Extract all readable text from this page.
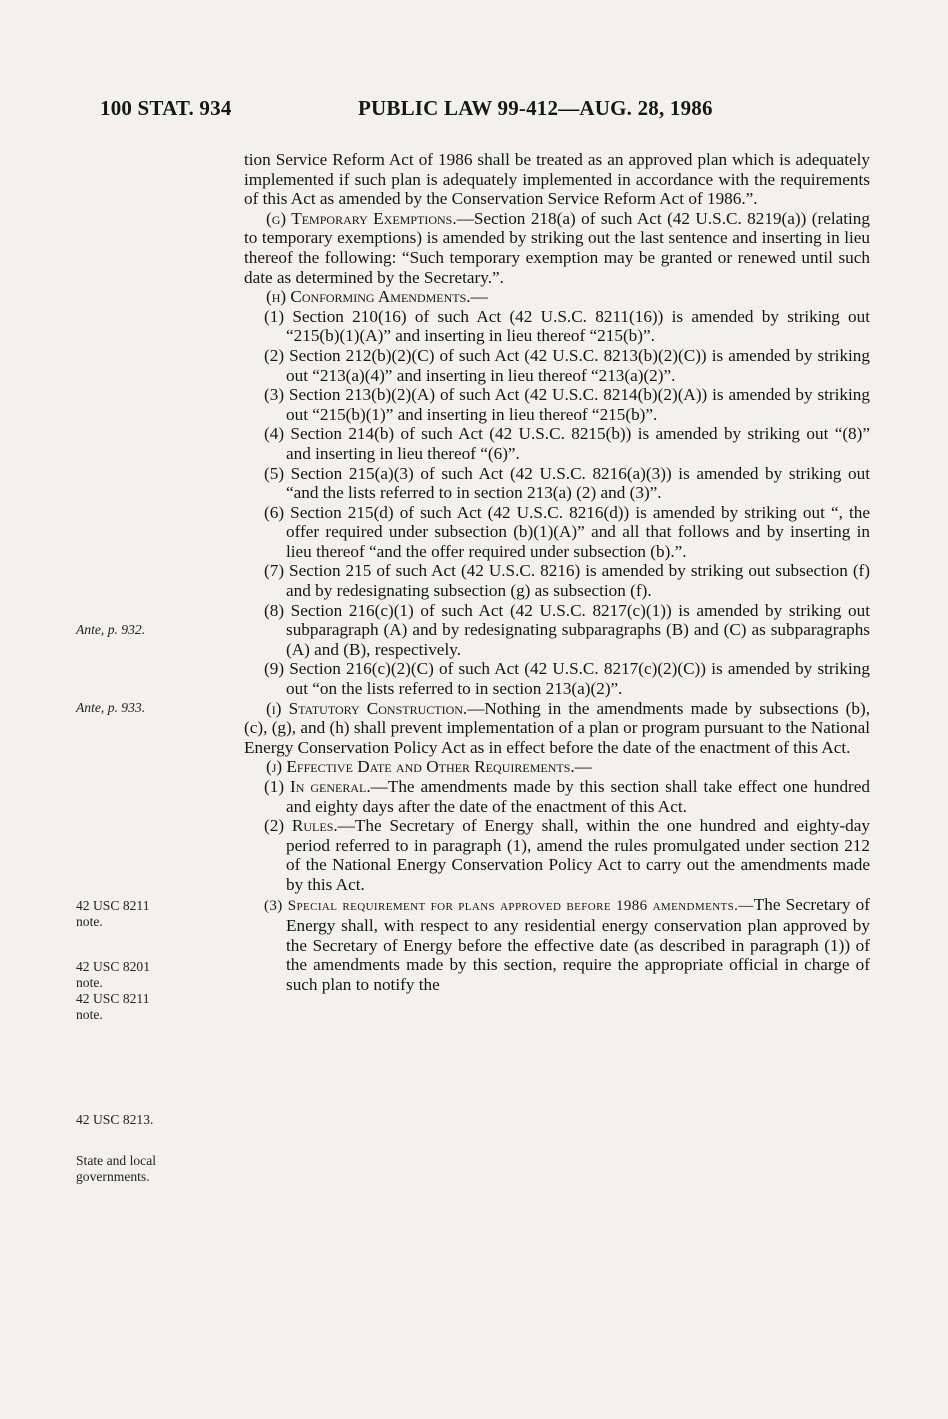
100 STAT. 934	PUBLIC LAW 99-412—AUG. 28, 1986
Ante, p. 932.
Ante, p. 933.
42 USC 8211
note.
42 USC 8201
note.
42 USC 8211
note.
42 USC 8213.
State and local
governments.

tion Service Reform Act of 1986 shall be treated as an approved plan which is adequately implemented if such plan is adequately implemented in accordance with the requirements of this Act as amended by the Conservation Service Reform Act of 1986.”.

(g) Temporary Exemptions.—Section 218(a) of such Act (42 U.S.C. 8219(a)) (relating to temporary exemptions) is amended by striking out the last sentence and inserting in lieu thereof the following: “Such temporary exemption may be granted or renewed until such date as determined by the Secretary.”.

(h) Conforming Amendments.—

(1) Section 210(16) of such Act (42 U.S.C. 8211(16)) is amended by striking out “215(b)(1)(A)” and inserting in lieu thereof “215(b)”.

(2) Section 212(b)(2)(C) of such Act (42 U.S.C. 8213(b)(2)(C)) is amended by striking out “213(a)(4)” and inserting in lieu thereof “213(a)(2)”.

(3) Section 213(b)(2)(A) of such Act (42 U.S.C. 8214(b)(2)(A)) is amended by striking out “215(b)(1)” and inserting in lieu thereof “215(b)”.

(4) Section 214(b) of such Act (42 U.S.C. 8215(b)) is amended by striking out “(8)” and inserting in lieu thereof “(6)”.

(5) Section 215(a)(3) of such Act (42 U.S.C. 8216(a)(3)) is amended by striking out “and the lists referred to in section 213(a) (2) and (3)”.

(6) Section 215(d) of such Act (42 U.S.C. 8216(d)) is amended by striking out “, the offer required under subsection (b)(1)(A)” and all that follows and by inserting in lieu thereof “and the offer required under subsection (b).”.

(7) Section 215 of such Act (42 U.S.C. 8216) is amended by striking out subsection (f) and by redesignating subsection (g) as subsection (f).

(8) Section 216(c)(1) of such Act (42 U.S.C. 8217(c)(1)) is amended by striking out subparagraph (A) and by redesignating subparagraphs (B) and (C) as subparagraphs (A) and (B), respectively.

(9) Section 216(c)(2)(C) of such Act (42 U.S.C. 8217(c)(2)(C)) is amended by striking out “on the lists referred to in section 213(a)(2)”.

(i) Statutory Construction.—Nothing in the amendments made by subsections (b), (c), (g), and (h) shall prevent implementation of a plan or program pursuant to the National Energy Conservation Policy Act as in effect before the date of the enactment of this Act.

(j) Effective Date and Other Requirements.—

(1) In general.—The amendments made by this section shall take effect one hundred and eighty days after the date of the enactment of this Act.

(2) Rules.—The Secretary of Energy shall, within the one hundred and eighty-day period referred to in paragraph (1), amend the rules promulgated under section 212 of the National Energy Conservation Policy Act to carry out the amendments made by this Act.

(3) Special requirement for plans approved before 1986 amendments.—The Secretary of Energy shall, with respect to any residential energy conservation plan approved by the Secretary of Energy before the effective date (as described in paragraph (1)) of the amendments made by this section, require the appropriate official in charge of such plan to notify the
